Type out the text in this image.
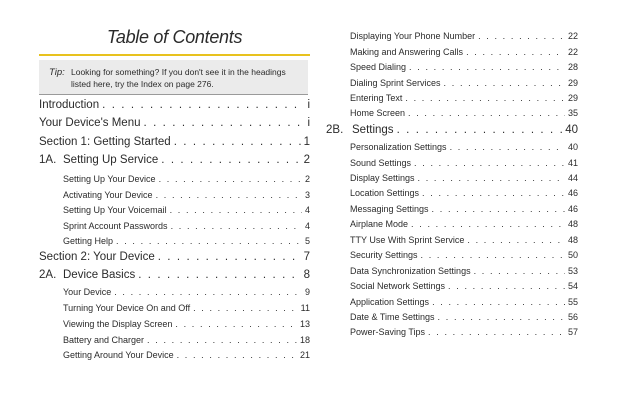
Table of Contents
Tip: Looking for something? If you don't see it in the headings listed here, try the Index on page 276.
Introduction . . .	i
Your Device's Menu . . .	i
Section 1: Getting Started . . .	1
1A. Setting Up Service . . .	2
Setting Up Your Device . . .	2
Activating Your Device . . .	3
Setting Up Your Voicemail . . .	4
Sprint Account Passwords . . .	4
Getting Help . . .	5
Section 2: Your Device . . .	7
2A. Device Basics . . .	8
Your Device . . .	9
Turning Your Device On and Off . . .	11
Viewing the Display Screen . . .	13
Battery and Charger . . .	18
Getting Around Your Device . . .	21
Displaying Your Phone Number . . .	22
Making and Answering Calls . . .	22
Speed Dialing . . .	28
Dialing Sprint Services . . .	29
Entering Text . . .	29
Home Screen . . .	35
2B. Settings . . .	40
Personalization Settings . . .	40
Sound Settings . . .	41
Display Settings . . .	44
Location Settings . . .	46
Messaging Settings . . .	46
Airplane Mode . . .	48
TTY Use With Sprint Service . . .	48
Security Settings . . .	50
Data Synchronization Settings . . .	53
Social Network Settings . . .	54
Application Settings . . .	55
Date & Time Settings . . .	56
Power-Saving Tips . . .	57
